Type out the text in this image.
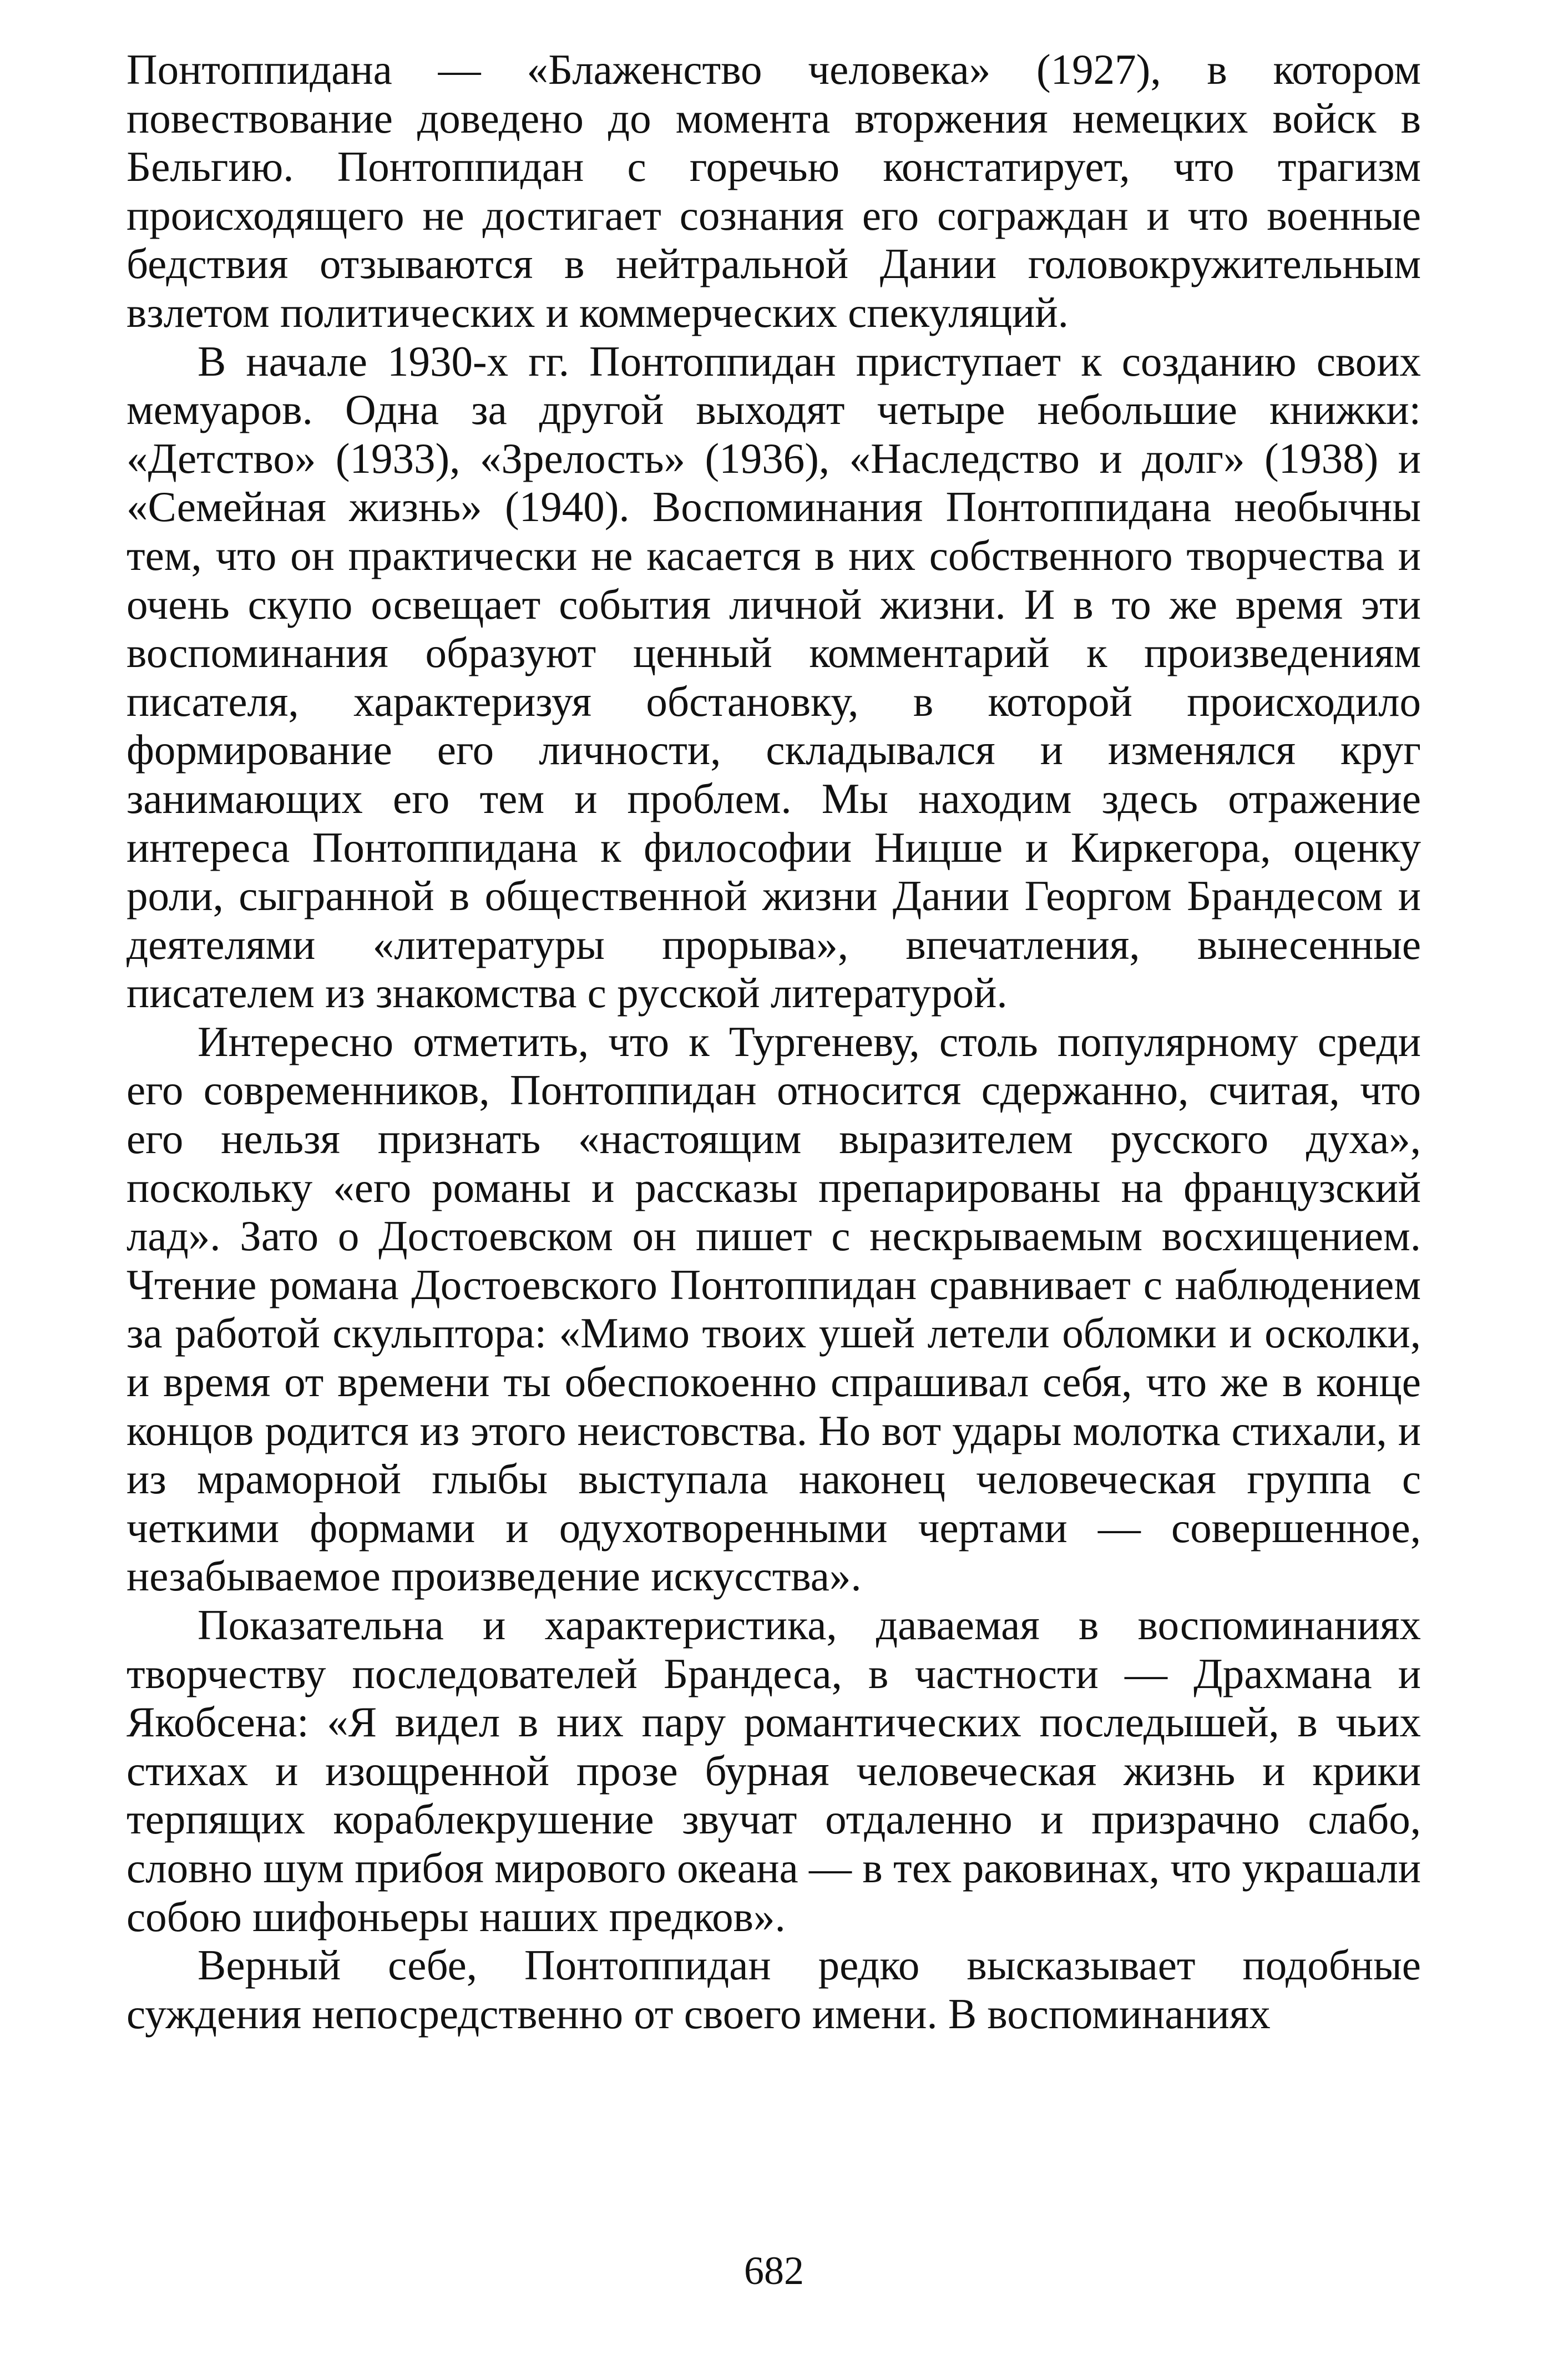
Понтоппидана — «Блаженство человека» (1927), в котором повествование доведено до момента вторжения немецких войск в Бельгию. Понтоппидан с горечью констатирует, что трагизм происходящего не достигает сознания его сограждан и что военные бедствия отзываются в нейтральной Дании головокружительным взлетом политических и коммерческих спекуляций.

В начале 1930-х гг. Понтоппидан приступает к созданию своих мемуаров. Одна за другой выходят четыре небольшие книжки: «Детство» (1933), «Зрелость» (1936), «Наследство и долг» (1938) и «Семейная жизнь» (1940). Воспоминания Понтоппидана необычны тем, что он практически не касается в них собственного творчества и очень скупо освещает события личной жизни. И в то же время эти воспоминания образуют ценный комментарий к произведениям писателя, характеризуя обстановку, в которой происходило формирование его личности, складывался и изменялся круг занимающих его тем и проблем. Мы находим здесь отражение интереса Понтоппидана к философии Ницше и Киркегора, оценку роли, сыгранной в общественной жизни Дании Георгом Брандесом и деятелями «литературы прорыва», впечатления, вынесенные писателем из знакомства с русской литературой.

Интересно отметить, что к Тургеневу, столь популярному среди его современников, Понтоппидан относится сдержанно, считая, что его нельзя признать «настоящим выразителем русского духа», поскольку «его романы и рассказы препарированы на французский лад». Зато о Достоевском он пишет с нескрываемым восхищением. Чтение романа Достоевского Понтоппидан сравнивает с наблюдением за работой скульптора: «Мимо твоих ушей летели обломки и осколки, и время от времени ты обеспокоенно спрашивал себя, что же в конце концов родится из этого неистовства. Но вот удары молотка стихали, и из мраморной глыбы выступала наконец человеческая группа с четкими формами и одухотворенными чертами — совершенное, незабываемое произведение искусства».

Показательна и характеристика, даваемая в воспоминаниях творчеству последователей Брандеса, в частности — Драхмана и Якобсена: «Я видел в них пару романтических последышей, в чьих стихах и изощренной прозе бурная человеческая жизнь и крики терпящих кораблекрушение звучат отдаленно и призрачно слабо, словно шум прибоя мирового океана — в тех раковинах, что украшали собою шифоньеры наших предков».

Верный себе, Понтоппидан редко высказывает подобные суждения непосредственно от своего имени. В воспоминаниях

682
